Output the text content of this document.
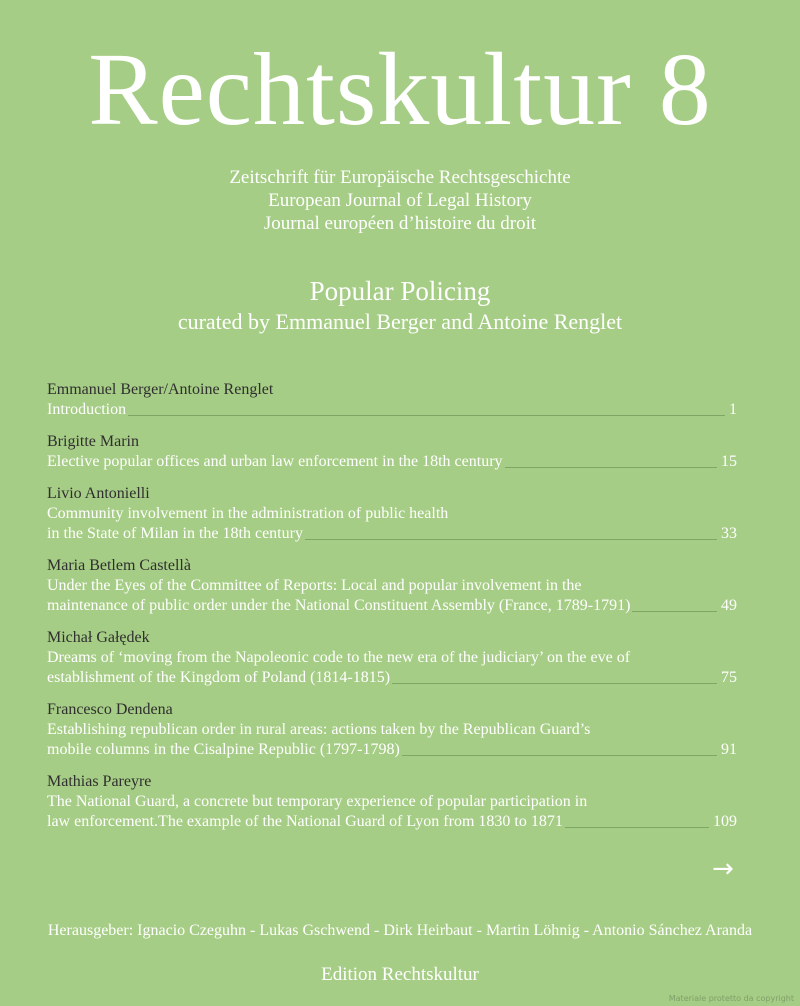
Rechtskultur 8
Zeitschrift für Europäische Rechtsgeschichte
European Journal of Legal History
Journal européen d’histoire du droit
Popular Policing
curated by Emmanuel Berger and Antoine Renglet
Emmanuel Berger/Antoine Renglet
Introduction	1
Brigitte Marin
Elective popular offices and urban law enforcement in the 18th century	15
Livio Antonielli
Community involvement in the administration of public health
in the State of Milan in the 18th century	33
Maria Betlem Castellà
Under the Eyes of the Committee of Reports: Local and popular involvement in the
maintenance of public order under the National Constituent Assembly (France, 1789-1791)	49
Michał Gałędek
Dreams of ‘moving from the Napoleonic code to the new era of the judiciary’ on the eve of
establishment of the Kingdom of Poland (1814-1815)	75
Francesco Dendena
Establishing republican order in rural areas: actions taken by the Republican Guard’s
mobile columns in the Cisalpine Republic (1797-1798)	91
Mathias Pareyre
The National Guard, a concrete but temporary experience of popular participation in
law enforcement.The example of the National Guard of Lyon from 1830 to 1871	109
→
Herausgeber: Ignacio Czeguhn - Lukas Gschwend - Dirk Heirbaut - Martin Löhnig - Antonio Sánchez Aranda
Edition Rechtskultur
Materiale protetto da copyright
